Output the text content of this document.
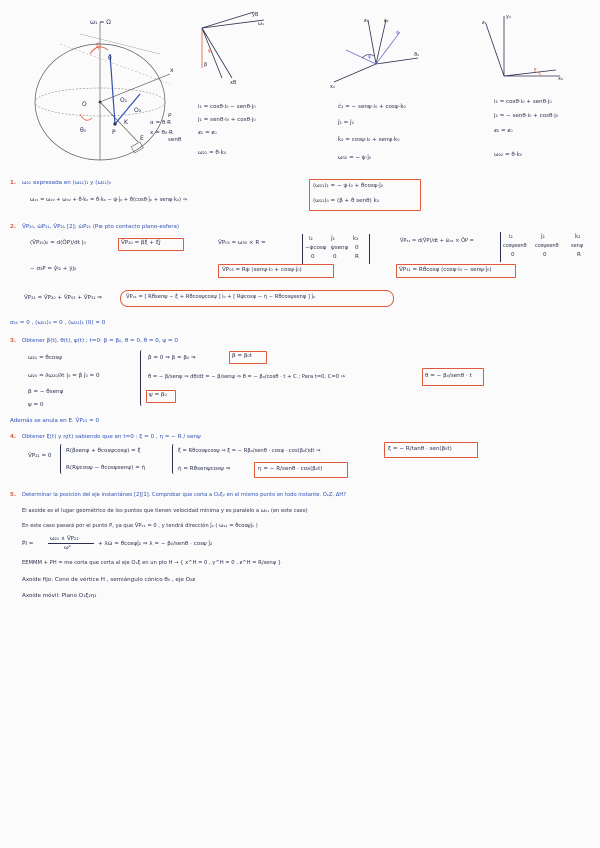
ω₁ = Ω
ξ̇
θ
O
O₁
O₂
K
θ₀	P
x
E
α = θ·R
ρ
x = θ₀·R
senθ
yB
ω₁
ψ
β
xB
ƶ₀	ƶ₂
ψ
ψ̇
ϑ₀
x₂
ƶ₂
y₀
ξ
x₀
i̇₁ = cosθ·i̇₀ − senθ·j̇₀
j̇₁ = senθ·i̇₀ + cosθ·j̇₀
ƶ₁ = ƶ₀
ω₂₁ = θ̇·k̇₀
ĉ₂ = − senψ·i̇₀ + cosψ·k̇₀
ĵ₂ = ĵ₀
k̂₂ = cosψ·i̇₀ + senψ·k̇₀
ω₃₂ = − ψ̇·ĵ₀
i̇₂ = cosθ·i̇₀ + senθ·j̇₀
j̇₂ = − senθ·i̇₀ + cosθ·j̇₀
ƶ₂ = ƶ₀
ω₂₀ = θ̇·k̇₀
1. ω₂₁ expresada en (ω₂₁)₁ y (ω₂₁)₀
ω₂₁ = ω₂₀ + ω₃₂ + θ̇·k̇₀ = θ̇·k̇₀ − ψ̇·ĵ₀ + θ̇(cosθ·ĵ₀ + senψ·k̇₀) ⇒
(ω₂₁)₁ = − ψ̇·i̇₀ + θ̇cosψ·ĵ₀
(ω₂₁)₀ = (β̇ + θ̇ senθ) k̇₀
2. V̄P₂₀, ω̄P₂₁, V̄P₂₁ [2]; ω̄P₂₁ (P≡ pto contacto plano-esfera)
(V̄P₂₀)₀ = d(ŌP)/dt |₀	V̄P₂₀ = β̇ξ̇ + ξ̇ĵ	V̄P₀₃ = ω₃₀ × R =
i̇₂	ĵ₂	k̇₂
−ψ̇cosψ ψ̇senψ 0
0	0	R
V̄P₃₁ = d(V̄P)/dt + ω̄₃₁ × ŌP =
i̇₂	ĵ₂	k̇₂
cosψsenθ cosψsenθ senψ
0	0	R
− σ₃P = ŷ̇i₂ + ẏ̇j₂	V̄P₀₃ = Rψ̇ (senψ·i̇₀ + cosψ·ĵ₀)	V̄P₃₁ = Rθ̇cosψ (cosψ·i̇₀ − senψ·ĵ₀)
V̄P₂₁ = V̄P₂₀ + V̄P₀₃ + V̄P₃₁ ⇒	V̄P₂₁ = [ Rθ̇senψ − ξ̇ + Rθ̇cosψcosψ ] i̇₀ + [ Rψ̇cosψ − η̇ − Rθ̇cosψsenψ ] ĵ₀
σ₂₀ = 0 , (ω₂₁)₀ = 0 , (ω₂₁)₁ (0) = 0
3. Obtener β(t), θ(t), ψ(t) ; t=0: β = β₀, θ = 0, θ̇ = 0, ψ = 0
ω₂₁ = θ̇cosψ
ω₂₀ = ∂ω₂₀/∂t |₀ = β̇ ĵ₀ = 0
β = − θ̇senψ
ψ = 0
β̇ = 0 ⇒ β = β₀ ⇒	β = β₀t
θ̇ = − β/senψ ⇒ dθ/dt = − β/senψ ⇒ θ = − β₀/cosθ · t + C ; Para t=0, C=0 ⇒	θ = − β₀/senθ · t
ψ = β₀
Además se anula en E. V̄P₂₁ = 0
4. Obtener ξ(t) y η(t) sabiendo que en t=0 : ξ = 0 , η = − R / senψ
V̄P₂₁ = 0
R(β̇senψ + θ̇cosψcosψ) = ξ̇
R(Rψ̇cosψ − θ̇cosψsenψ) = η̇
ξ̇ = Rθ̇cosψcosψ ⇒ ξ = − Rβ₀/senθ · cosψ · cos(β₀t)dt ⇒	ξ = − R/tanθ · sen(β₀t)
η̇ = Rθ̇senψcosψ ⇒	η = − R/senθ · cos(β₀t)
5. Determinar la posición del eje instantáneo [2][1]. Comprobar que corta a O₂ξ₂ en el mismo punto en todo instante. O₂Z, ΔH?
El axoide es el lugar geométrico de los puntos que tienen velocidad mínima y es paralelo a ω₂₁ (en este caso)
En este caso pasará por el punto P, ya que V̄P₂₁ = 0 , y tendrá dirección ĵ₂ ( ω₂₁ = θ̇cosψĵ₂ )
P̄I =
ω₂₁ ∧ V̄P₂₁
ω²
+ λω̄ = θ̇cosψĵ₂ ⇒ λ = − β₀/senθ · cosψ ĵ₂
EEMMM + PH = me corta que corta al eje O₁ξ en un pto H → { x^H = 0 , y^H = 0 , ƶ^H = R/senψ }
Axoide fijo: Cono de vértice H , semiángulo cónico θ₀ , eje O₂ƶ
Axoide móvil: Plano O₁ξ₂η₁
